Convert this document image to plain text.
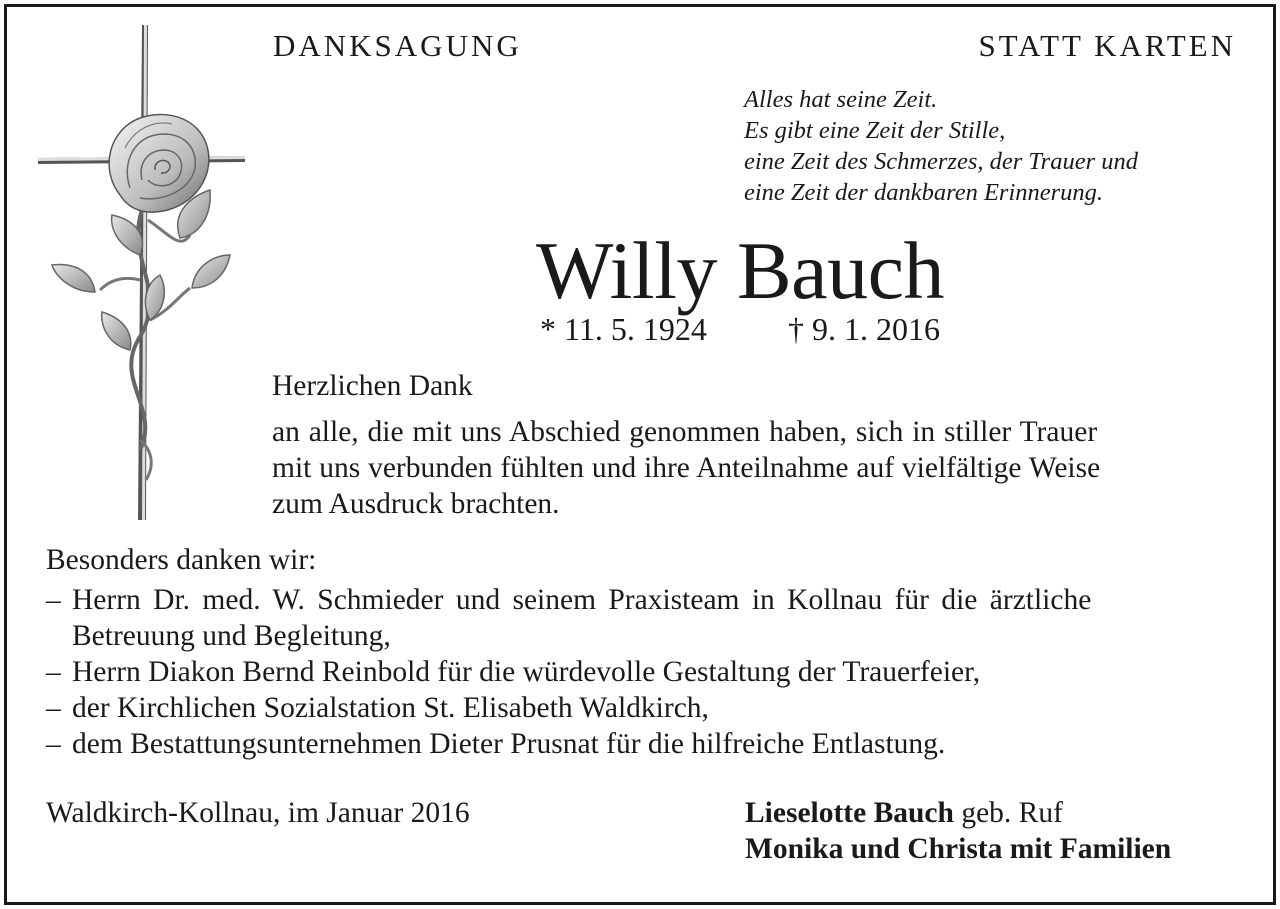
DANKSAGUNG	STATT KARTEN
Alles hat seine Zeit.
Es gibt eine Zeit der Stille,
eine Zeit des Schmerzes, der Trauer und
eine Zeit der dankbaren Erinnerung.
Willy Bauch
* 11. 5. 1924	† 9. 1. 2016
Herzlichen Dank
an alle, die mit uns Abschied genommen haben, sich in stiller Trauer
mit uns verbunden fühlten und ihre Anteilnahme auf vielfältige Weise
zum Ausdruck brachten.
Besonders danken wir:
– Herrn Dr. med. W. Schmieder und seinem Praxisteam in Kollnau für die ärztliche
Betreuung und Begleitung,
– Herrn Diakon Bernd Reinbold für die würdevolle Gestaltung der Trauerfeier,
– der Kirchlichen Sozialstation St. Elisabeth Waldkirch,
– dem Bestattungsunternehmen Dieter Prusnat für die hilfreiche Entlastung.
Waldkirch-Kollnau, im Januar 2016	Lieselotte Bauch geb. Ruf
Monika und Christa mit Familien
